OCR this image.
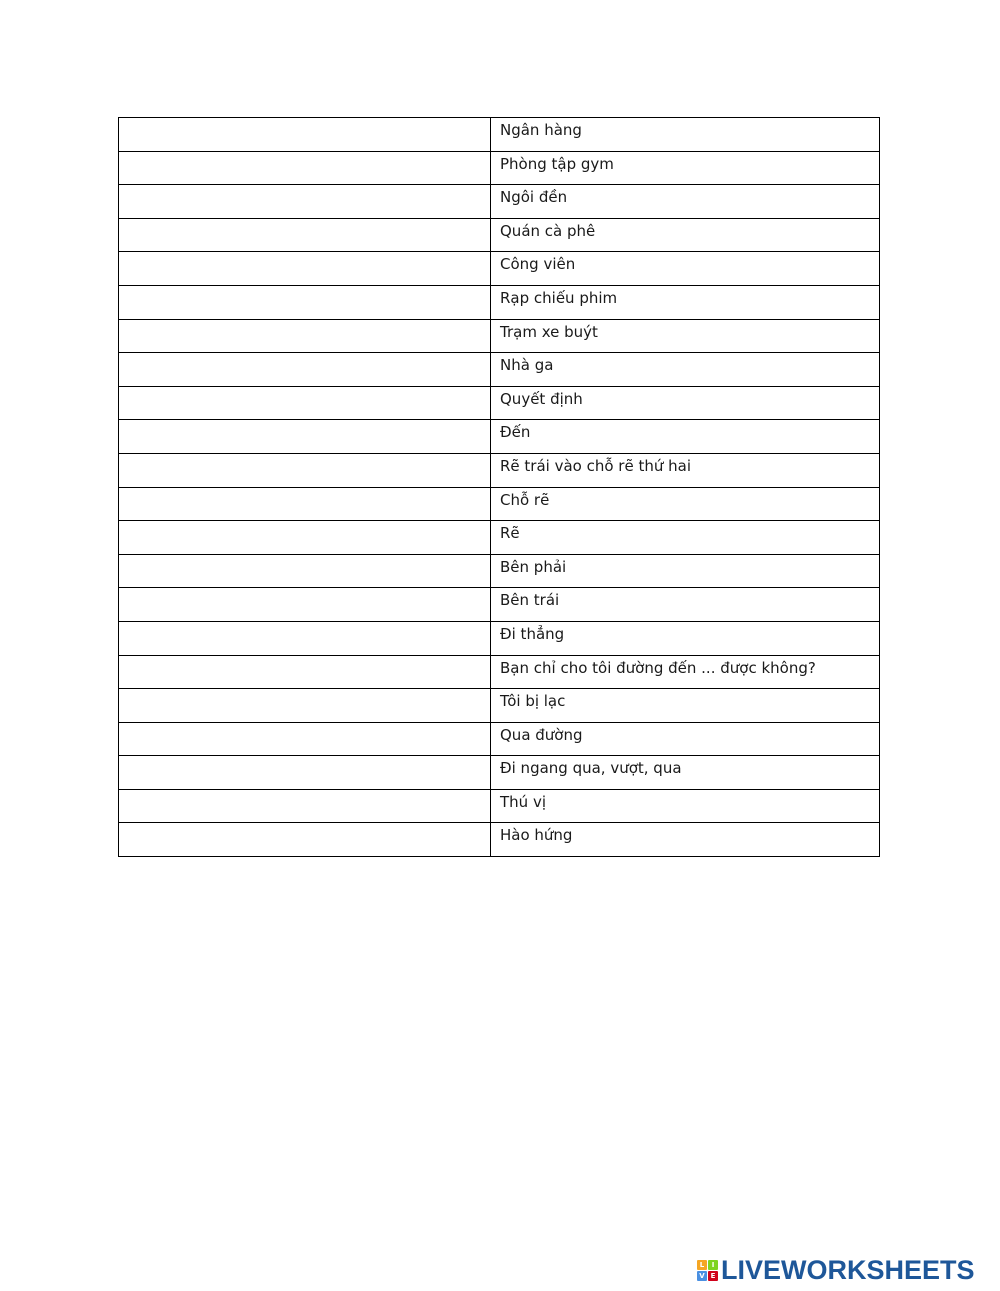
	Ngân hàng
	Phòng tập gym
	Ngôi đền
	Quán cà phê
	Công viên
	Rạp chiếu phim
	Trạm xe buýt
	Nhà ga
	Quyết định
	Đến
	Rẽ trái vào chỗ rẽ thứ hai
	Chỗ rẽ
	Rẽ
	Bên phải
	Bên trái
	Đi thẳng
	Bạn chỉ cho tôi đường đến ... được không?
	Tôi bị lạc
	Qua đường
	Đi ngang qua, vượt, qua
	Thú vị
	Hào hứng
L	I
V E LIVEWORKSHEETS
